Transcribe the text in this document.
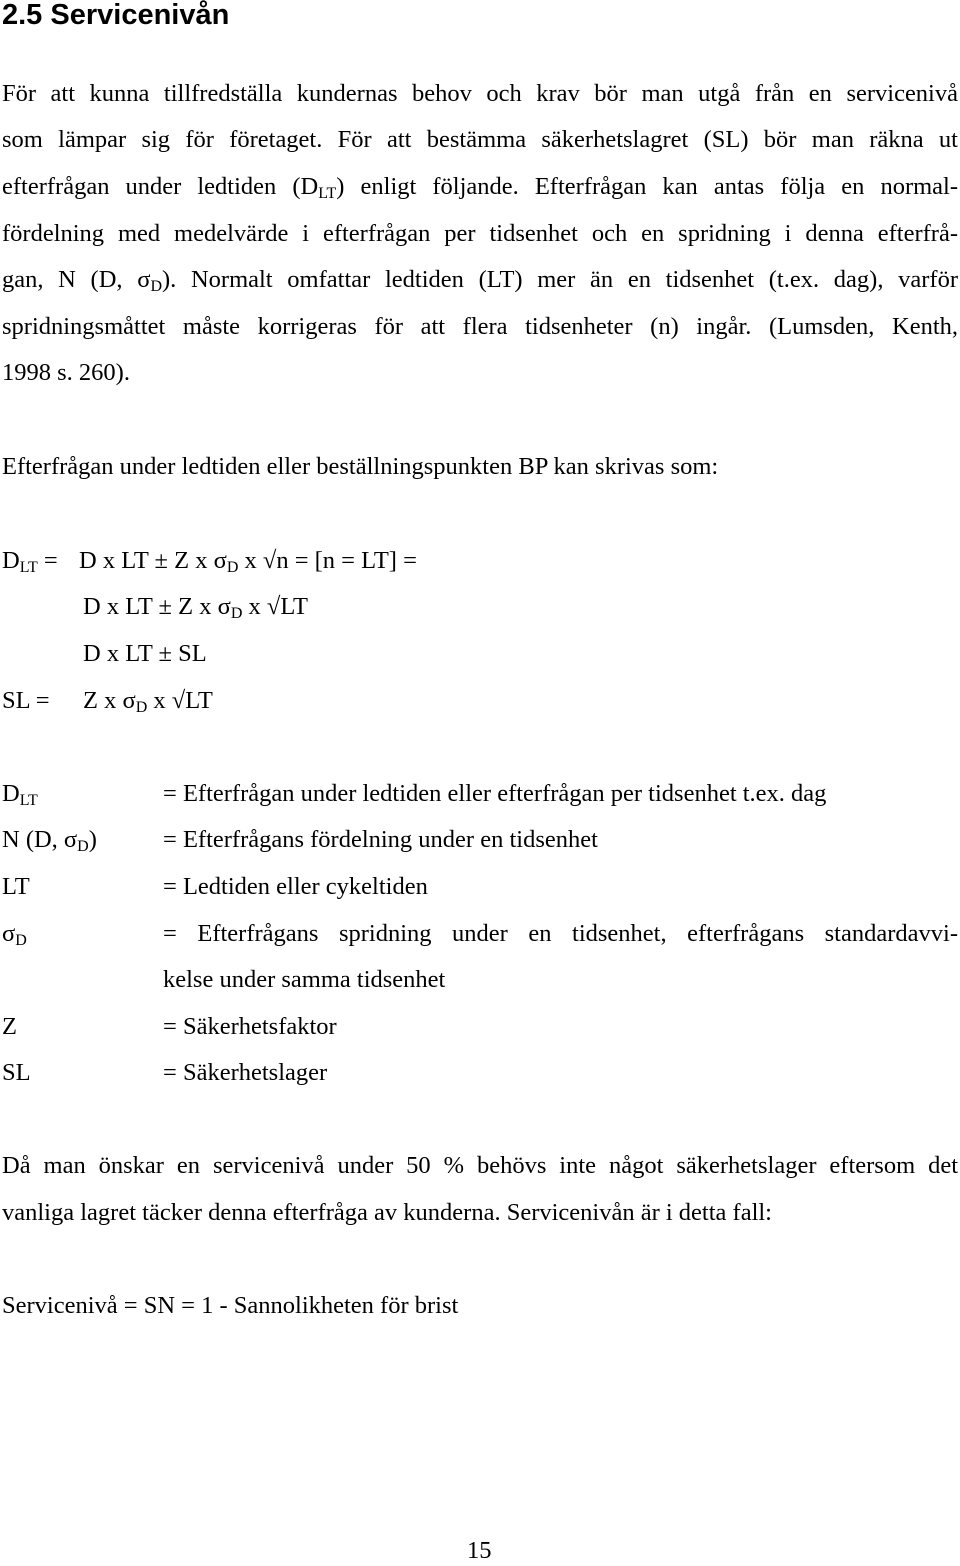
2.5 Servicenivån
För att kunna tillfredställa kundernas behov och krav bör man utgå från en servicenivå
som lämpar sig för företaget. För att bestämma säkerhetslagret (SL) bör man räkna ut
efterfrågan under ledtiden $(D_{LT})$ enligt följande. Efterfrågan kan antas följa en normal-
fördelning med medelvärde i efterfrågan per tidsenhet och en spridning i denna efterfrå-
gan, N (D, $\sigma_D$). Normalt omfattar ledtiden (LT) mer än en tidsenhet (t.ex. dag), varför
spridningsmåttet måste korrigeras för att flera tidsenheter (n) ingår. (Lumsden, Kenth,
1998 s. 260).
Efterfrågan under ledtiden eller beställningspunkten BP kan skrivas som:
$D_{LT} = D$ x LT ± Z x $\sigma_D$ x √n = [n = LT] =
D x LT ± Z x $\sigma_D$ x √LT
D x LT ± SL
SL = Z x $\sigma_D$ x √LT
$D_{LT}$	= Efterfrågan under ledtiden eller efterfrågan per tidsenhet t.ex. dag
N (D, $\sigma_D$)	= Efterfrågans fördelning under en tidsenhet
LT	= Ledtiden eller cykeltiden
$\sigma_D$	= Efterfrågans spridning under en tidsenhet, efterfrågans standardavvi-
kelse under samma tidsenhet
Z	= Säkerhetsfaktor
SL	= Säkerhetslager
Då man önskar en servicenivå under 50 % behövs inte något säkerhetslager eftersom det
vanliga lagret täcker denna efterfråga av kunderna. Servicenivån är i detta fall:
Servicenivå = SN = 1 - Sannolikheten för brist
15
